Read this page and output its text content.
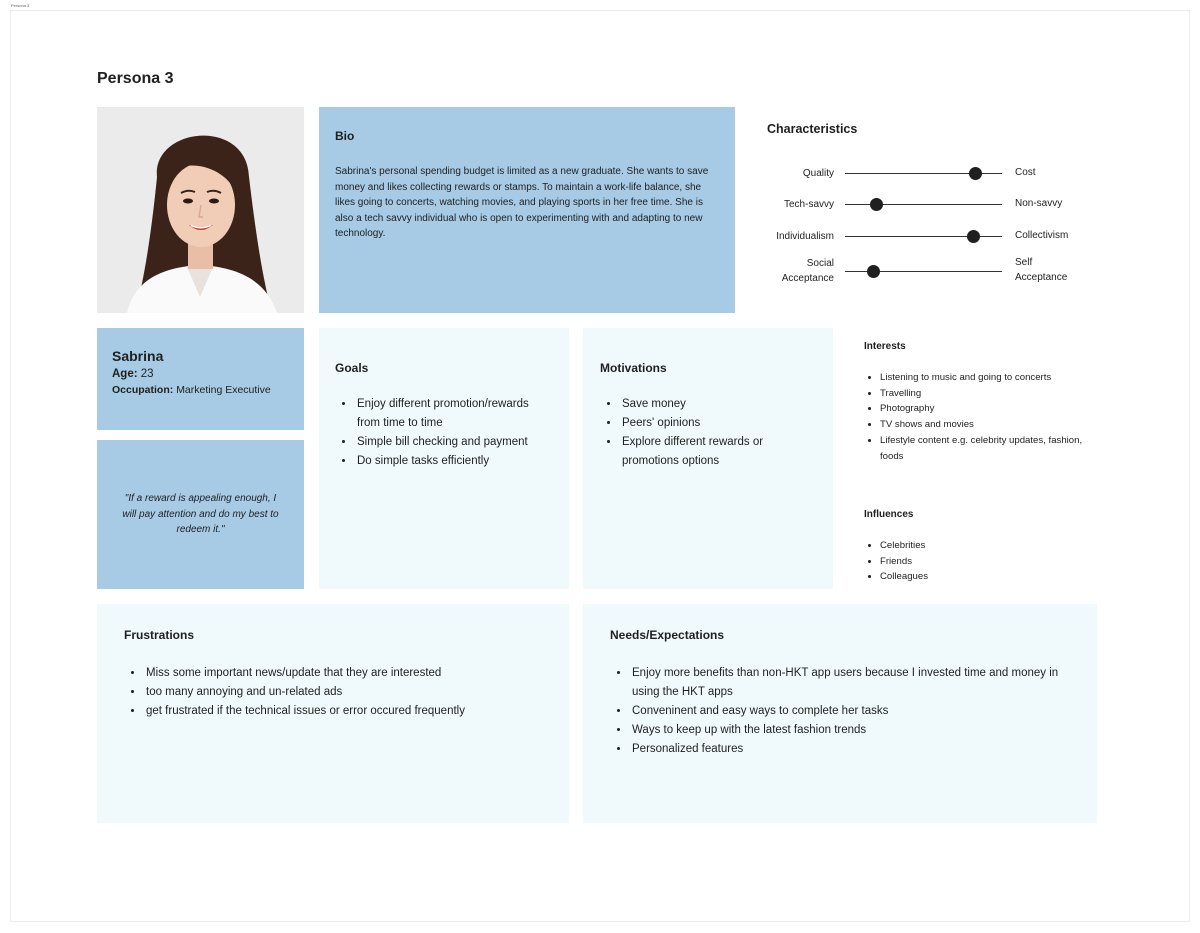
Persona 3
Persona 3
Bio
Sabrina's personal spending budget is limited as a new graduate. She wants to save money and likes collecting rewards or stamps. To maintain a work-life balance, she likes going to concerts, watching movies, and playing sports in her free time. She is also a tech savvy individual who is open to experimenting with and adapting to new technology.
Characteristics
Quality	Cost
Tech-savvy	Non-savvy
Individualism	Collectivism
Social
Acceptance
Self
Acceptance
Sabrina
Age: 23
Occupation: Marketing Executive
"If a reward is appealing enough, I will pay attention and do my best to redeem it."
Goals
• Enjoy different promotion/rewards from time to time
• Simple bill checking and payment
• Do simple tasks efficiently
Motivations
• Save money
• Peers' opinions
• Explore different rewards or promotions options
Interests
• Listening to music and going to concerts
• Travelling
• Photography
• TV shows and movies
• Lifestyle content e.g. celebrity updates, fashion, foods
Influences
• Celebrities
• Friends
• Colleagues
Frustrations
• Miss some important news/update that they are interested
• too many annoying and un-related ads
• get frustrated if the technical issues or error occured frequently
Needs/Expectations
• Enjoy more benefits than non-HKT app users because I invested time and money in using the HKT apps
• Conveninent and easy ways to complete her tasks
• Ways to keep up with the latest fashion trends
• Personalized features
